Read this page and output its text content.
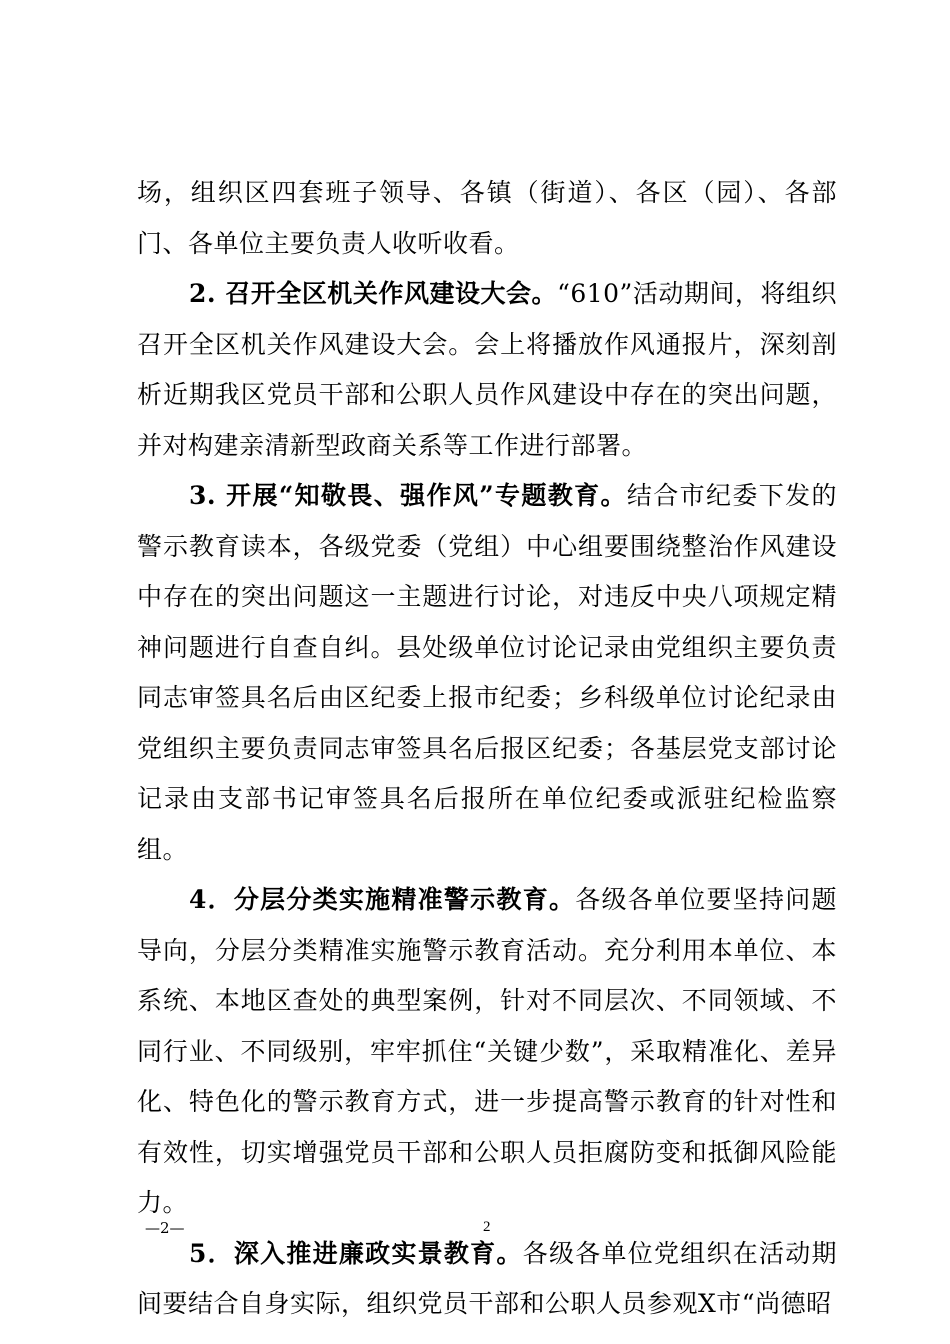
场，组织区四套班子领导、各镇（街道）、各区（园）、各部门、各单位主要负责人收听收看。

2. 召开全区机关作风建设大会。“610”活动期间，将组织召开全区机关作风建设大会。会上将播放作风通报片，深刻剖析近期我区党员干部和公职人员作风建设中存在的突出问题，并对构建亲清新型政商关系等工作进行部署。

3. 开展“知敬畏、强作风”专题教育。结合市纪委下发的警示教育读本，各级党委（党组）中心组要围绕整治作风建设中存在的突出问题这一主题进行讨论，对违反中央八项规定精神问题进行自查自纠。县处级单位讨论记录由党组织主要负责同志审签具名后由区纪委上报市纪委；乡科级单位讨论纪录由党组织主要负责同志审签具名后报区纪委；各基层党支部讨论记录由支部书记审签具名后报所在单位纪委或派驻纪检监察组。

4．分层分类实施精准警示教育。各级各单位要坚持问题导向，分层分类精准实施警示教育活动。充分利用本单位、本系统、本地区查处的典型案例，针对不同层次、不同领域、不同行业、不同级别，牢牢抓住“关键少数”，采取精准化、差异化、特色化的警示教育方式，进一步提高警示教育的针对性和有效性，切实增强党员干部和公职人员拒腐防变和抵御风险能力。

5．深入推进廉政实景教育。各级各单位党组织在活动期间要结合自身实际，组织党员干部和公职人员参观X市“尚德昭

—2—	2
